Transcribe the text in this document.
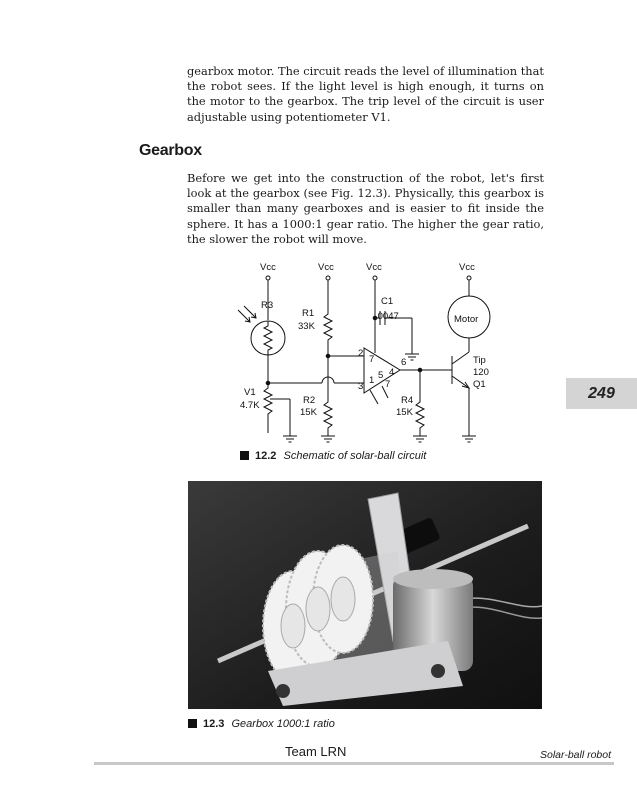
gearbox motor. The circuit reads the level of illumination that the robot sees. If the light level is high enough, it turns on the motor to the gearbox. The trip level of the circuit is user adjustable using potentiometer V1.

Gearbox

Before we get into the construction of the robot, let's first look at the gearbox (see Fig. 12.3). Physically, this gearbox is smaller than many gearboxes and is easier to fit inside the sphere. It has a 1000:1 gear ratio. The higher the gear ratio, the slower the robot will move.

Vcc	Vcc	Vcc	Vcc
R3
R1
33K
C1
.0047	Motor
V1
4.7K	R2
15K
R4
15K
Tip
120
Q1
2
7	6
5 4
3
1 7
12.2 Schematic of solar-ball circuit
12.3 Gearbox 1000:1 ratio
249
Team LRN	Solar-ball robot
